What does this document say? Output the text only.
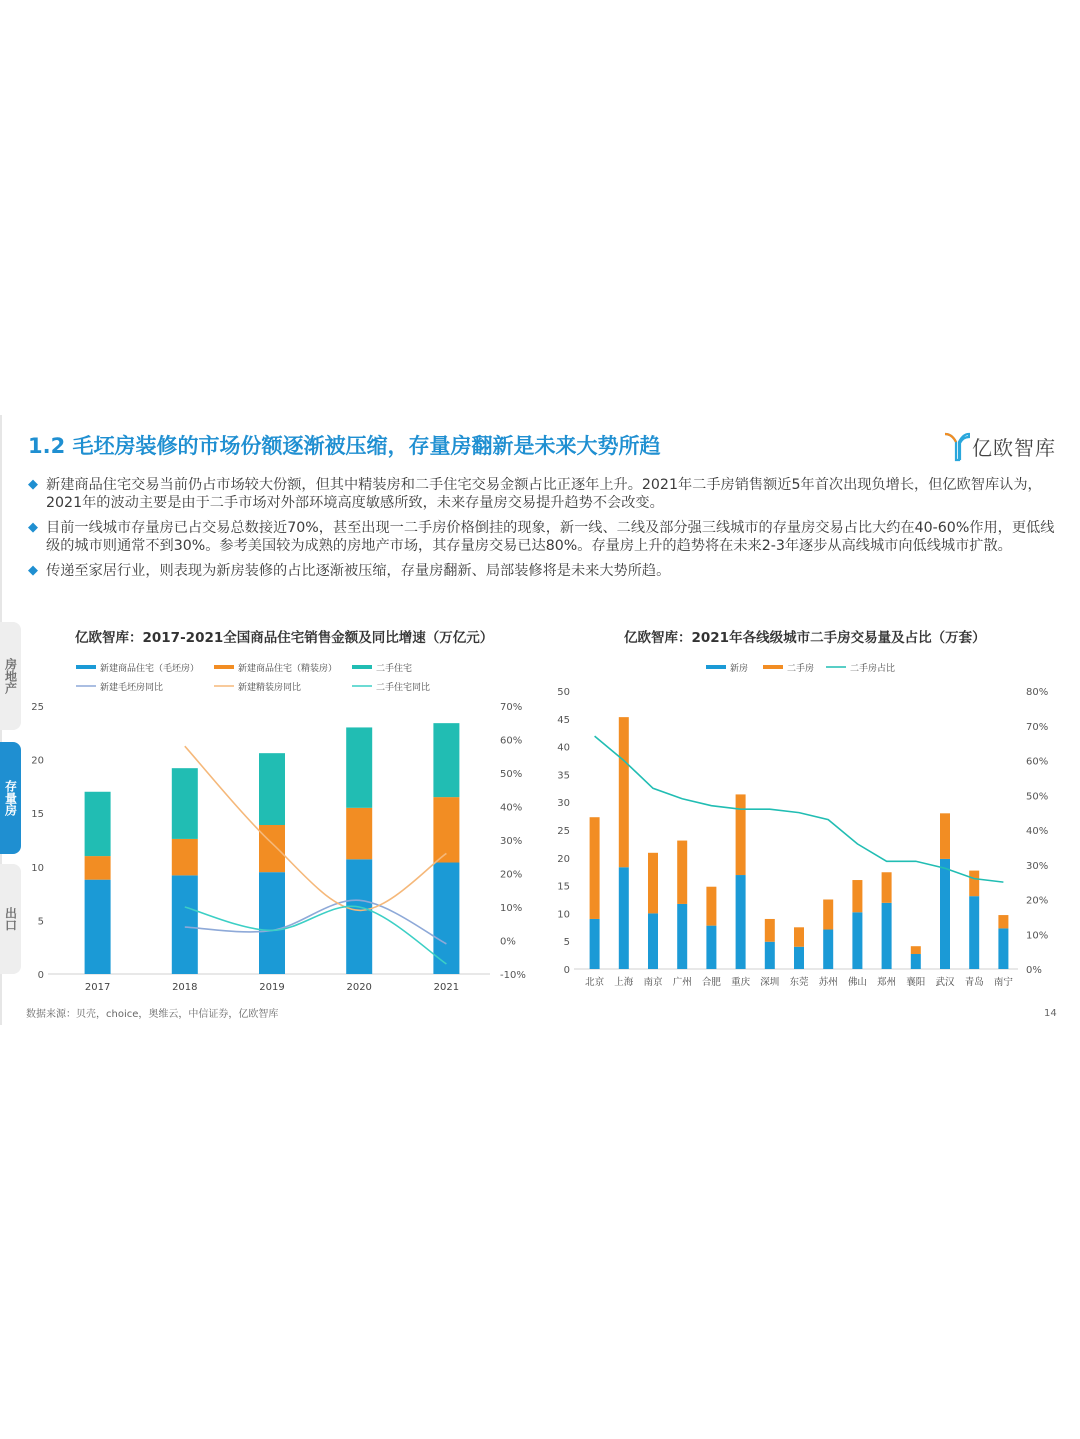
1.2 毛坯房装修的市场份额逐渐被压缩，存量房翻新是未来大势所趋	亿欧智库
◆ 新建商品住宅交易当前仍占市场较大份额，但其中精装房和二手住宅交易金额占比正逐年上升。2021年二手房销售额近5年首次出现负增长，但亿欧智库认为，2021年的波动主要是由于二手市场对外部环境高度敏感所致，未来存量房交易提升趋势不会改变。
◆ 目前一线城市存量房已占交易总数接近70%，甚至出现一二手房价格倒挂的现象，新一线、二线及部分强三线城市的存量房交易占比大约在40-60%作用，更低线级的城市则通常不到30%。参考美国较为成熟的房地产市场，其存量房交易已达80%。存量房上升的趋势将在未来2-3年逐步从高线城市向低线城市扩散。
◆ 传递至家居行业，则表现为新房装修的占比逐渐被压缩，存量房翻新、局部装修将是未来大势所趋。
房地产
存量房
出口
亿欧智库：2017-2021全国商品住宅销售金额及同比增速（万亿元）	亿欧智库：2021年各线级城市二手房交易量及占比（万套）
0
5
10
15
20
25
-10%
0%
10%
20%
30%
40%
50%
60%
70%
2017	2018	2019	2020	2021
新建商品住宅（毛坯房）	新建商品住宅（精装房）	二手住宅
新建毛坯房同比	新建精装房同比	二手住宅同比
0
5
10
15
20
25
30
35
40
45
50
0%
10%
20%
30%
40%
50%
60%
70%
80%
北京 上海 南京 广州 合肥 重庆 深圳 东莞 苏州 佛山 郑州 襄阳 武汉 青岛 南宁
新房	二手房	二手房占比
数据来源：贝壳，choice，奥维云，中信证券，亿欧智库	14
